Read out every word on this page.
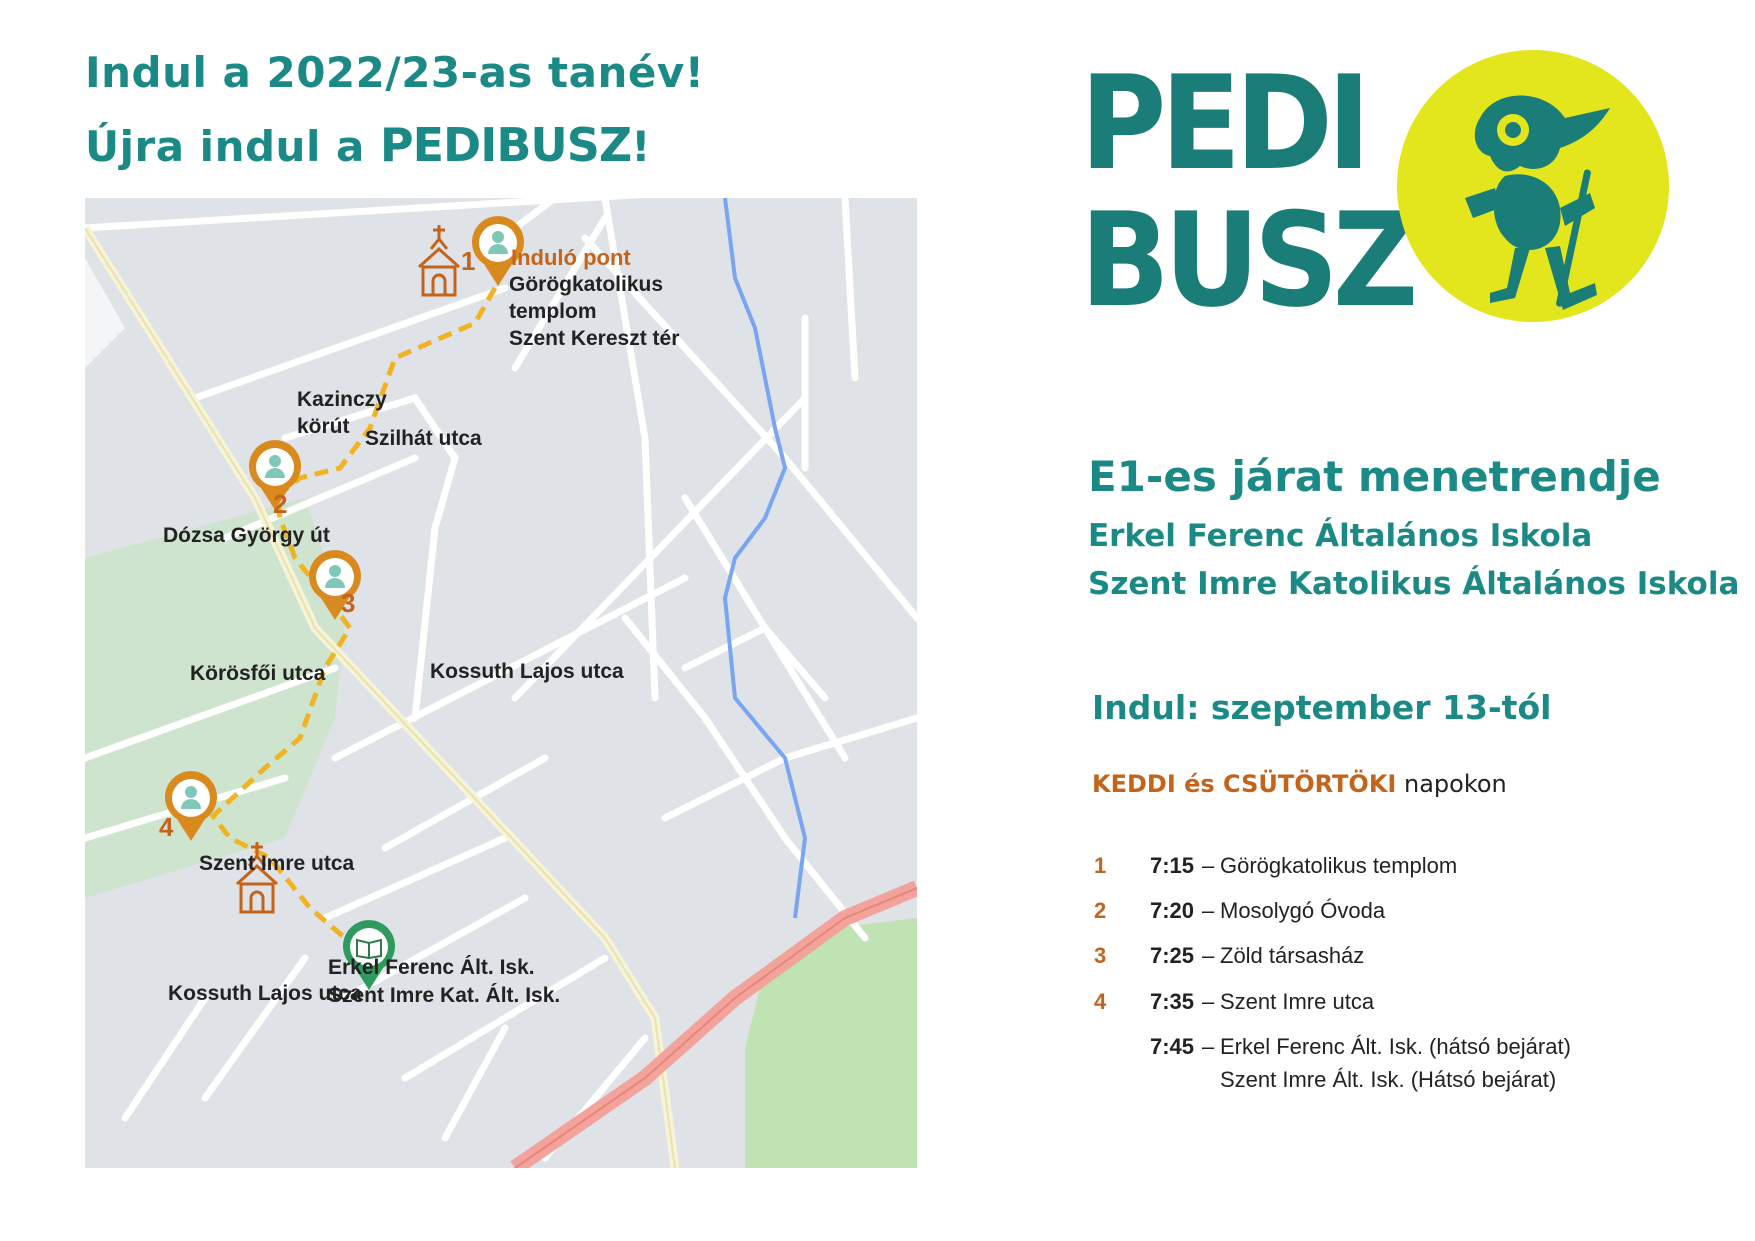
Indul a 2022/23-as tanév!
Újra indul a PEDIBUSZ!	PEDI
BUSZ
1
2
3
4
Induló pont
Görögkatolikus
templom
Szent Kereszt tér
Kazinczy
körút
Szilhát utca
Dózsa György út
Körösfői utca	Kossuth Lajos utca
Szent Imre utca
Erkel Ferenc Ált. Isk.
Kossuth Lajos utca
Szent Imre Kat. Ált. Isk.
E1-es járat menetrendje
Erkel Ferenc Általános Iskola
Szent Imre Katolikus Általános Iskola
Indul: szeptember 13-tól
KEDDI és CSÜTÖRTÖKI napokon
1	7:15 – Görögkatolikus templom
2	7:20 – Mosolygó Óvoda
3	7:25 – Zöld társasház
4	7:35 – Szent Imre utca
7:45 – Erkel Ferenc Ált. Isk. (hátsó bejárat)
Szent Imre Ált. Isk. (Hátsó bejárat)
